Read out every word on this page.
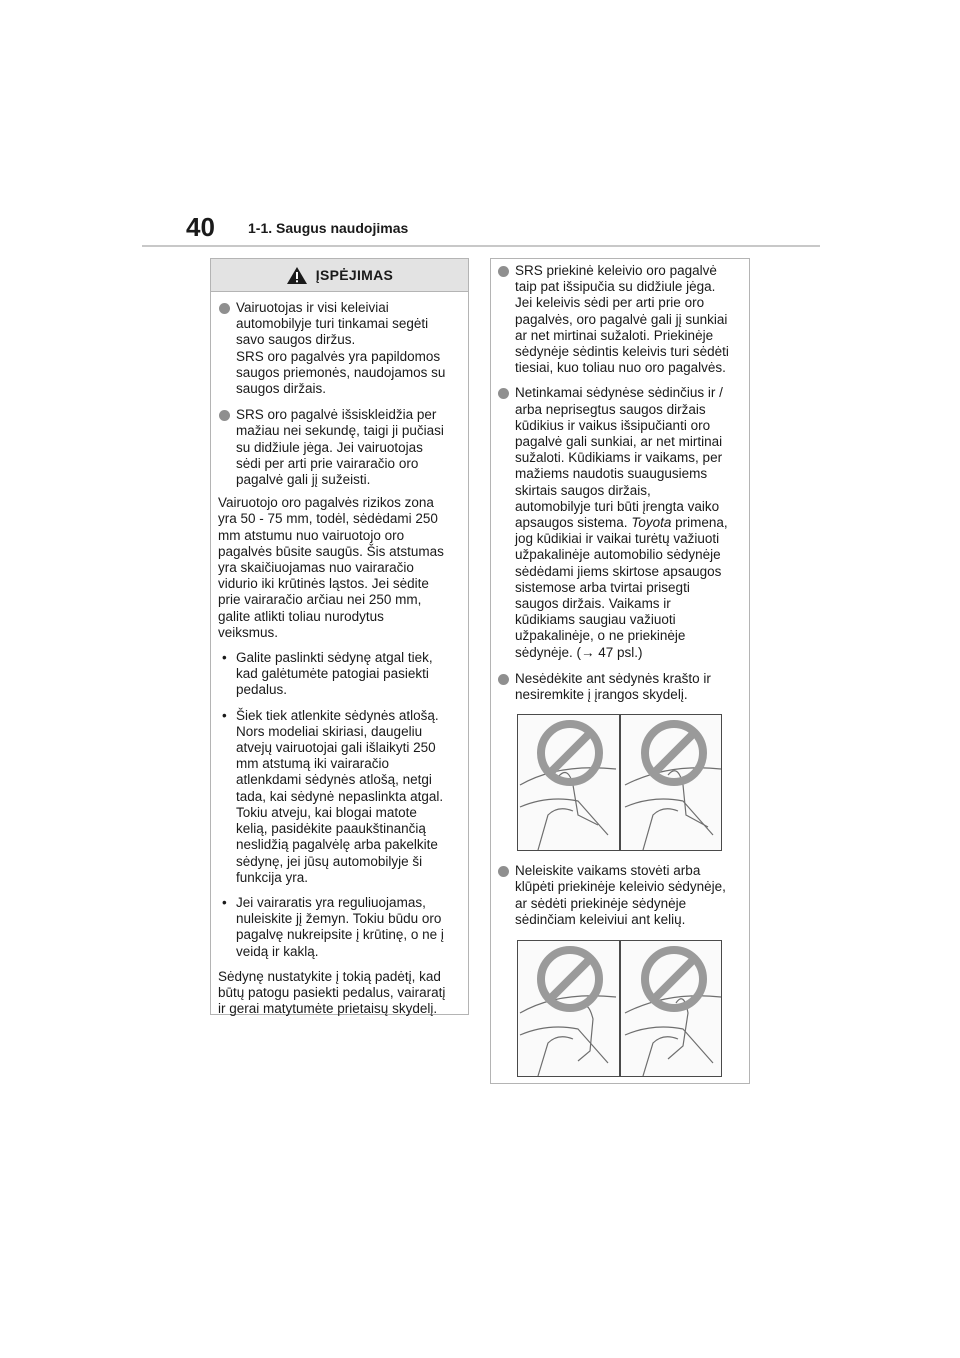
40 1-1. Saugus naudojimas
ĮSPĖJIMAS
Vairuotojas ir visi keleiviai
automobilyje turi tinkamai segėti
savo saugos diržus.
SRS oro pagalvės yra papildomos
saugos priemonės, naudojamos su
saugos diržais.
SRS oro pagalvė išsiskleidžia per
mažiau nei sekundę, taigi ji pučiasi
su didžiule jėga. Jei vairuotojas
sėdi per arti prie vairaračio oro
pagalvė gali jį sužeisti.
Vairuotojo oro pagalvės rizikos zona
yra 50 - 75 mm, todėl, sėdėdami 250
mm atstumu nuo vairuotojo oro
pagalvės būsite saugūs. Šis atstumas
yra skaičiuojamas nuo vairaračio
vidurio iki krūtinės ląstos. Jei sėdite
prie vairaračio arčiau nei 250 mm,
galite atlikti toliau nurodytus
veiksmus.
• Galite paslinkti sėdynę atgal tiek,
kad galėtumėte patogiai pasiekti
pedalus.
• Šiek tiek atlenkite sėdynės atlošą.
Nors modeliai skiriasi, daugeliu
atvejų vairuotojai gali išlaikyti 250
mm atstumą iki vairaračio
atlenkdami sėdynės atlošą, netgi
tada, kai sėdynė nepaslinkta atgal.
Tokiu atveju, kai blogai matote
kelią, pasidėkite paaukštinančią
neslidžią pagalvėlę arba pakelkite
sėdynę, jei jūsų automobilyje ši
funkcija yra.
• Jei vairaratis yra reguliuojamas,
nuleiskite jį žemyn. Tokiu būdu oro
pagalvę nukreipsite į krūtinę, o ne į
veidą ir kaklą.
Sėdynę nustatykite į tokią padėtį, kad
būtų patogu pasiekti pedalus, vairaratį
ir gerai matytumėte prietaisų skydelį.
SRS priekinė keleivio oro pagalvė
taip pat išsipučia su didžiule jėga.
Jei keleivis sėdi per arti prie oro
pagalvės, oro pagalvė gali jį sunkiai
ar net mirtinai sužaloti. Priekinėje
sėdynėje sėdintis keleivis turi sėdėti
tiesiai, kuo toliau nuo oro pagalvės.
Netinkamai sėdynėse sėdinčius ir /
arba neprisegtus saugos diržais
kūdikius ir vaikus išsipučianti oro
pagalvė gali sunkiai, ar net mirtinai
sužaloti. Kūdikiams ir vaikams, per
mažiems naudotis suaugusiems
skirtais saugos diržais,
automobilyje turi būti įrengta vaiko
apsaugos sistema. Toyota primena,
jog kūdikiai ir vaikai turėtų važiuoti
užpakalinėje automobilio sėdynėje
sėdėdami jiems skirtose apsaugos
sistemose arba tvirtai prisegti
saugos diržais. Vaikams ir
kūdikiams saugiau važiuoti
užpakalinėje, o ne priekinėje
sėdynėje. (→ 47 psl.)
Nesėdėkite ant sėdynės krašto ir
nesiremkite į įrangos skydelį.
Neleiskite vaikams stovėti arba
klūpėti priekinėje keleivio sėdynėje,
ar sėdėti priekinėje sėdynėje
sėdinčiam keleiviui ant kelių.
